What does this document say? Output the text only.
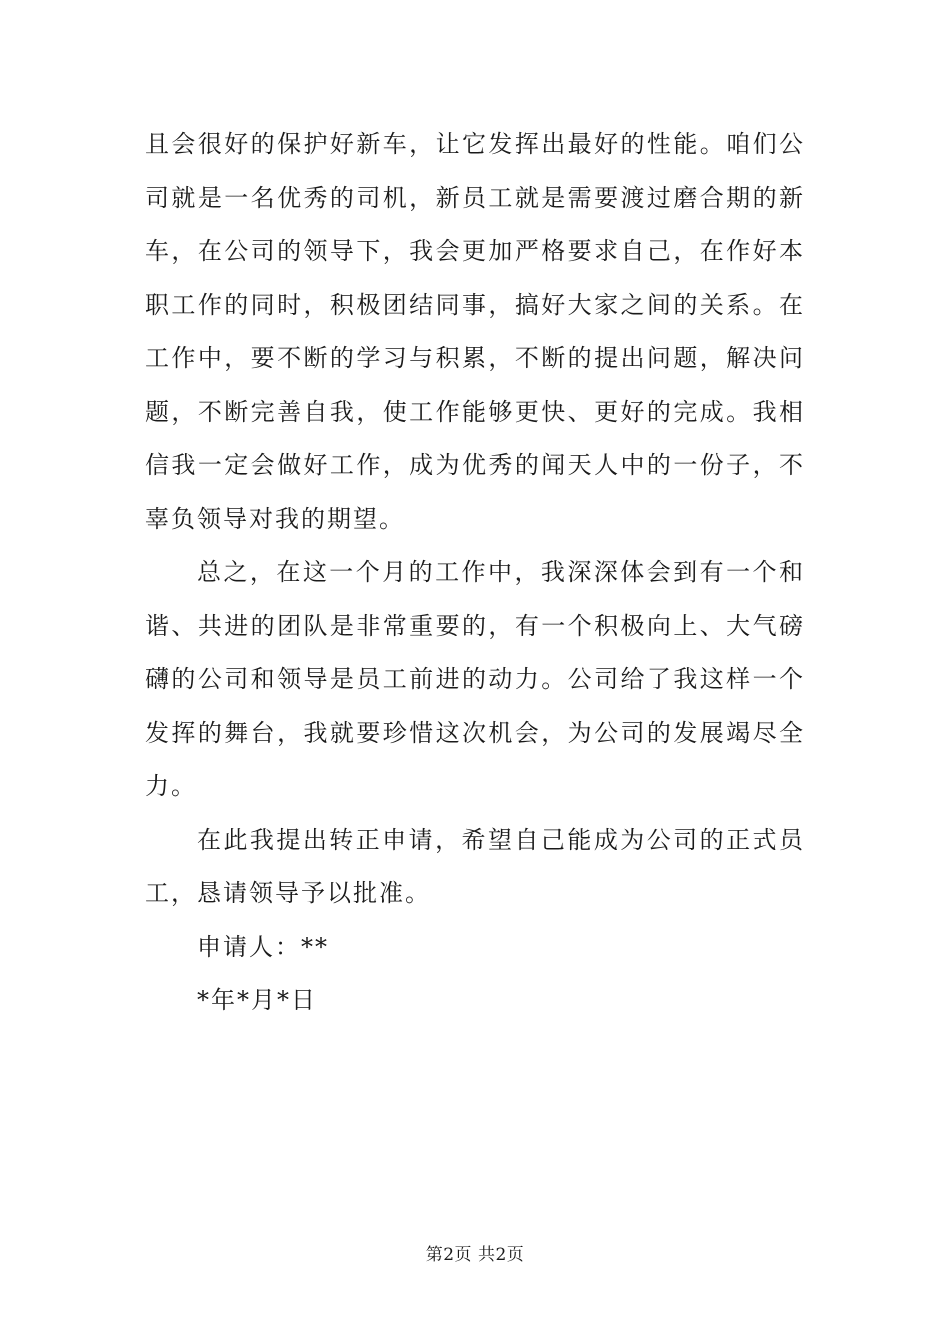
且会很好的保护好新车，让它发挥出最好的性能。咱们公
司就是一名优秀的司机，新员工就是需要渡过磨合期的新
车，在公司的领导下，我会更加严格要求自己，在作好本
职工作的同时，积极团结同事，搞好大家之间的关系。在
工作中，要不断的学习与积累，不断的提出问题，解决问
题，不断完善自我，使工作能够更快、更好的完成。我相
信我一定会做好工作，成为优秀的闻天人中的一份子，不
辜负领导对我的期望。
总之，在这一个月的工作中，我深深体会到有一个和
谐、共进的团队是非常重要的，有一个积极向上、大气磅
礴的公司和领导是员工前进的动力。公司给了我这样一个
发挥的舞台，我就要珍惜这次机会，为公司的发展竭尽全
力。
在此我提出转正申请，希望自己能成为公司的正式员
工，恳请领导予以批准。
申请人：**
*年*月*日
第2页 共2页
